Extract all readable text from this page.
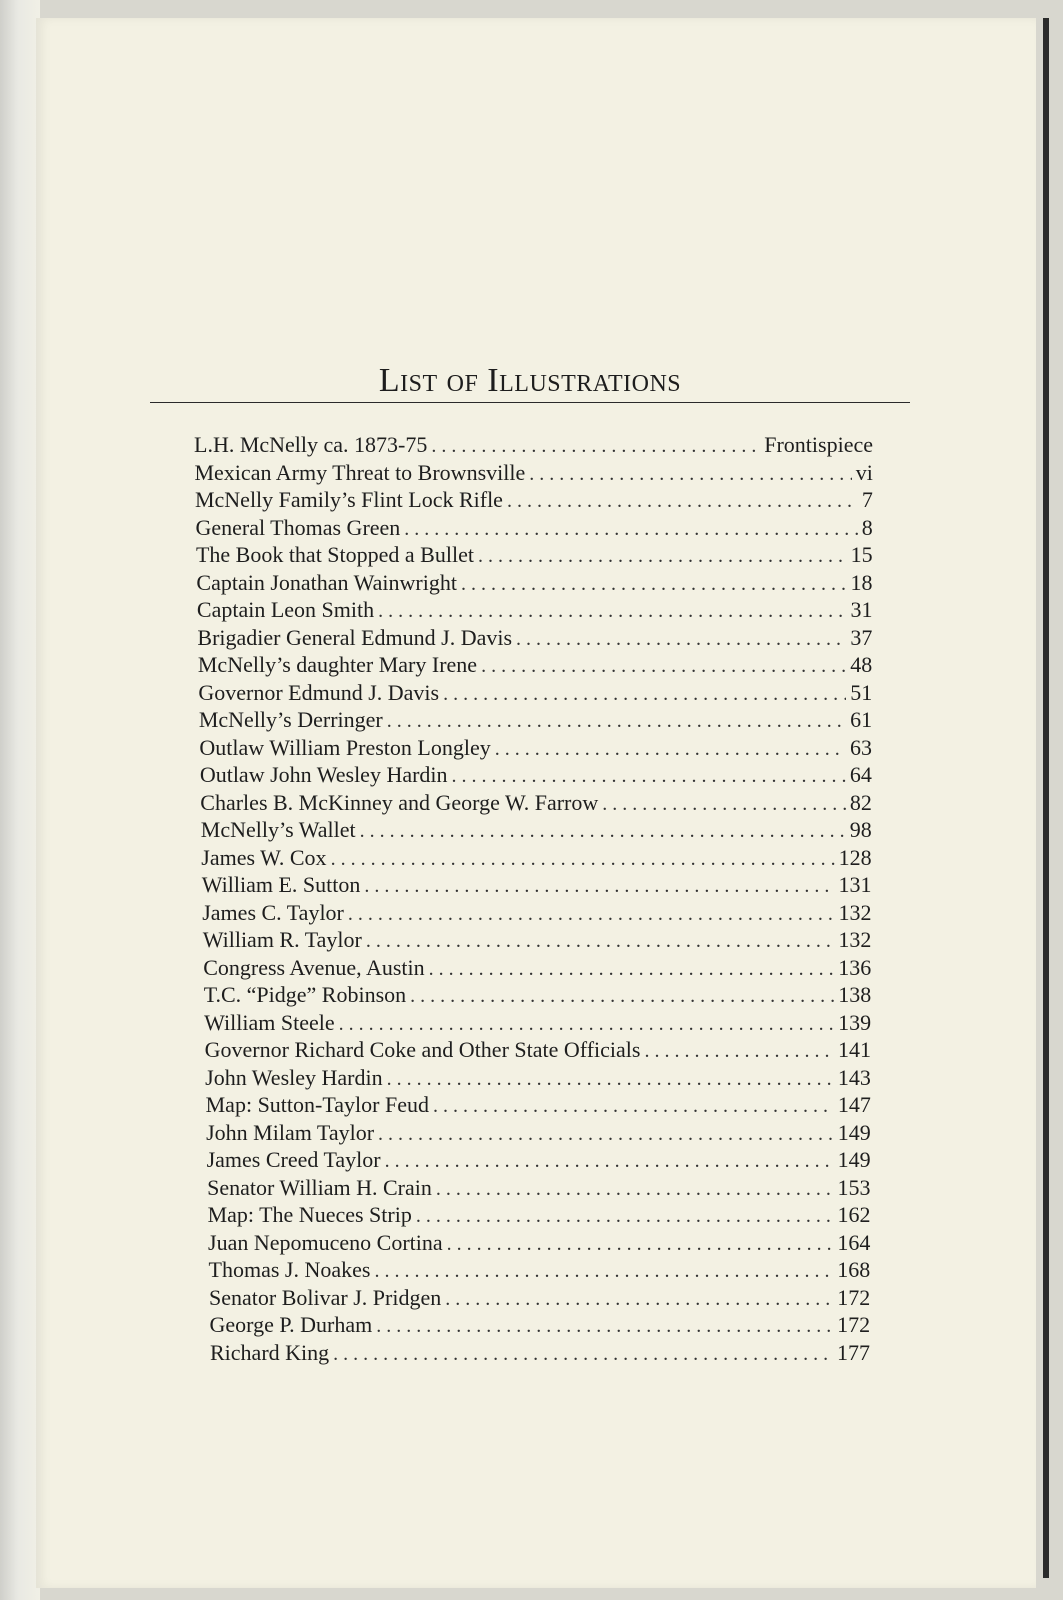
List of Illustrations
L.H. McNelly ca. 1873-75 . . .	Frontispiece
Mexican Army Threat to Brownsville . . .	vi
McNelly Family’s Flint Lock Rifle . . .	7
General Thomas Green . . .	8
The Book that Stopped a Bullet . . .	15
Captain Jonathan Wainwright . . .	18
Captain Leon Smith . . .	31
Brigadier General Edmund J. Davis . . .	37
McNelly’s daughter Mary Irene . . .	48
Governor Edmund J. Davis . . .	51
McNelly’s Derringer . . .	61
Outlaw William Preston Longley . . .	63
Outlaw John Wesley Hardin . . .	64
Charles B. McKinney and George W. Farrow . . .	82
McNelly’s Wallet . . .	98
James W. Cox . . .	128
William E. Sutton . . .	131
James C. Taylor . . .	132
William R. Taylor . . .	132
Congress Avenue, Austin . . .	136
T.C. “Pidge” Robinson . . .	138
William Steele . . .	139
Governor Richard Coke and Other State Officials . . .	141
John Wesley Hardin . . .	143
Map: Sutton-Taylor Feud . . .	147
John Milam Taylor . . .	149
James Creed Taylor . . .	149
Senator William H. Crain . . .	153
Map: The Nueces Strip . . .	162
Juan Nepomuceno Cortina . . .	164
Thomas J. Noakes . . .	168
Senator Bolivar J. Pridgen . . .	172
George P. Durham . . .	172
Richard King . . .	177
